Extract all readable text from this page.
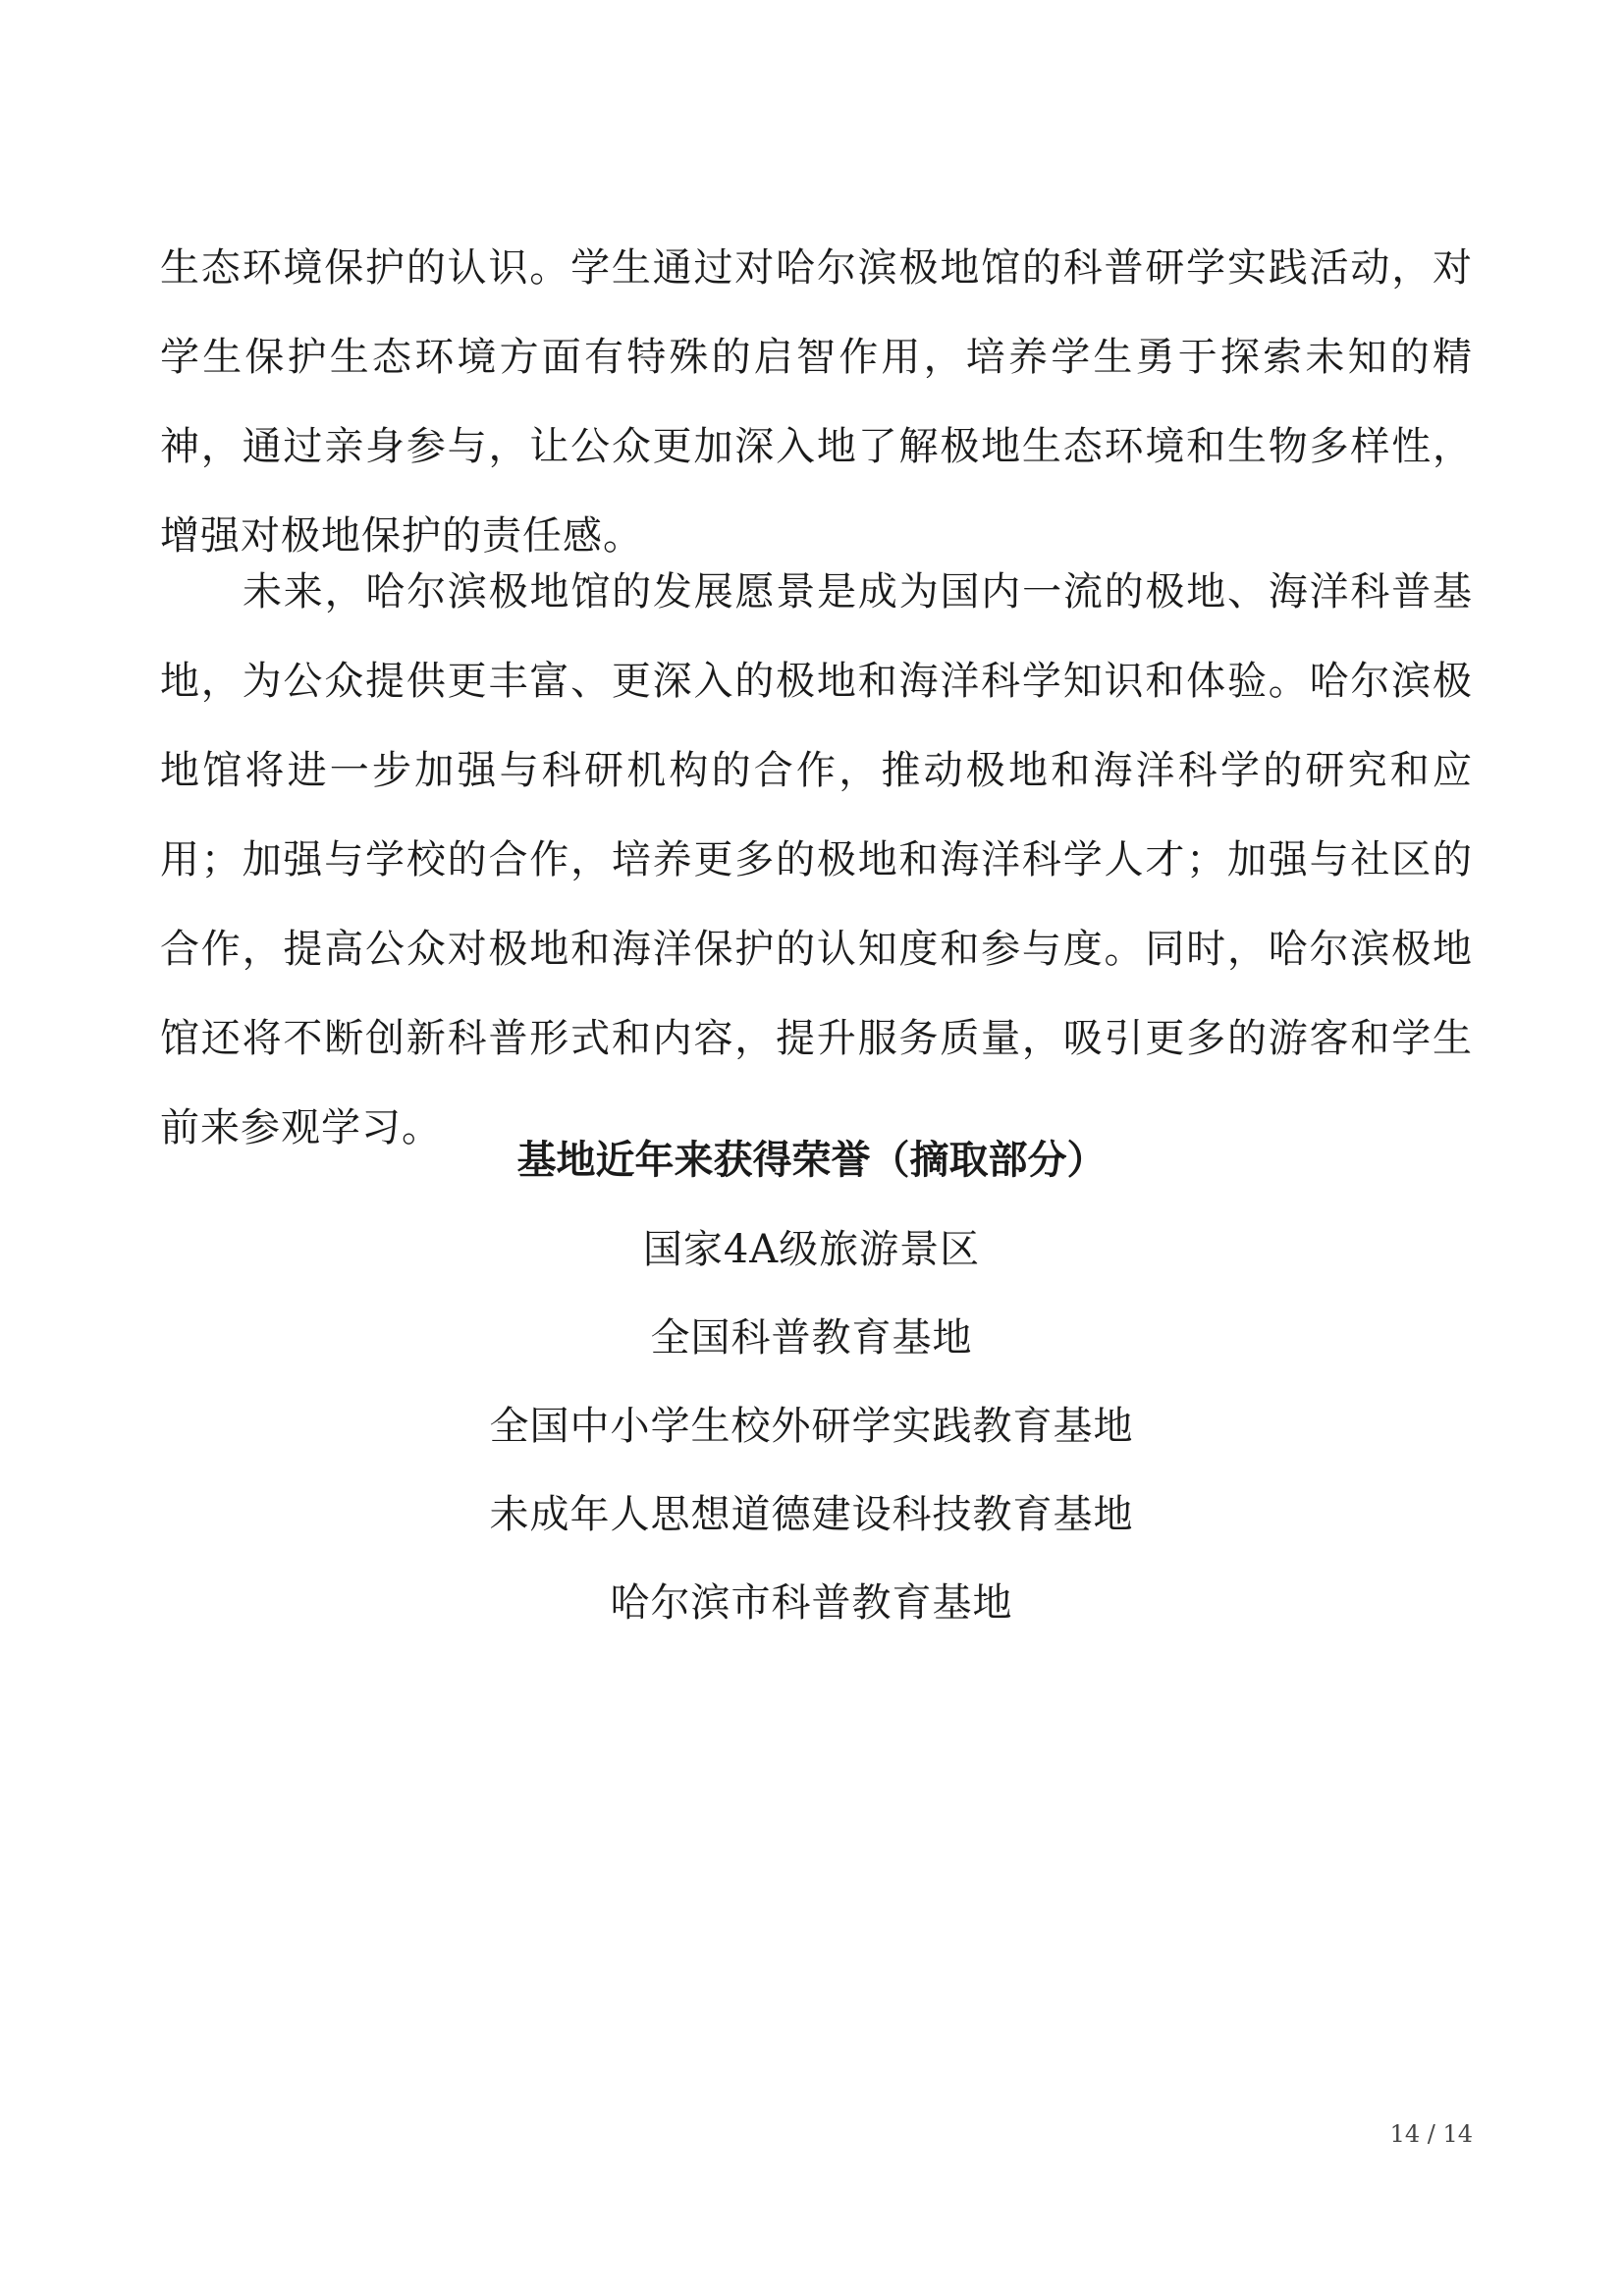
生态环境保护的认识。学生通过对哈尔滨极地馆的科普研学实践活动，对学生保护生态环境方面有特殊的启智作用，培养学生勇于探索未知的精神，通过亲身参与，让公众更加深入地了解极地生态环境和生物多样性，增强对极地保护的责任感。

未来，哈尔滨极地馆的发展愿景是成为国内一流的极地、海洋科普基地，为公众提供更丰富、更深入的极地和海洋科学知识和体验。哈尔滨极地馆将进一步加强与科研机构的合作，推动极地和海洋科学的研究和应用；加强与学校的合作，培养更多的极地和海洋科学人才；加强与社区的合作，提高公众对极地和海洋保护的认知度和参与度。同时，哈尔滨极地馆还将不断创新科普形式和内容，提升服务质量，吸引更多的游客和学生前来参观学习。

基地近年来获得荣誉（摘取部分）
国家4A级旅游景区
全国科普教育基地
全国中小学生校外研学实践教育基地
未成年人思想道德建设科技教育基地
哈尔滨市科普教育基地
14 / 14
